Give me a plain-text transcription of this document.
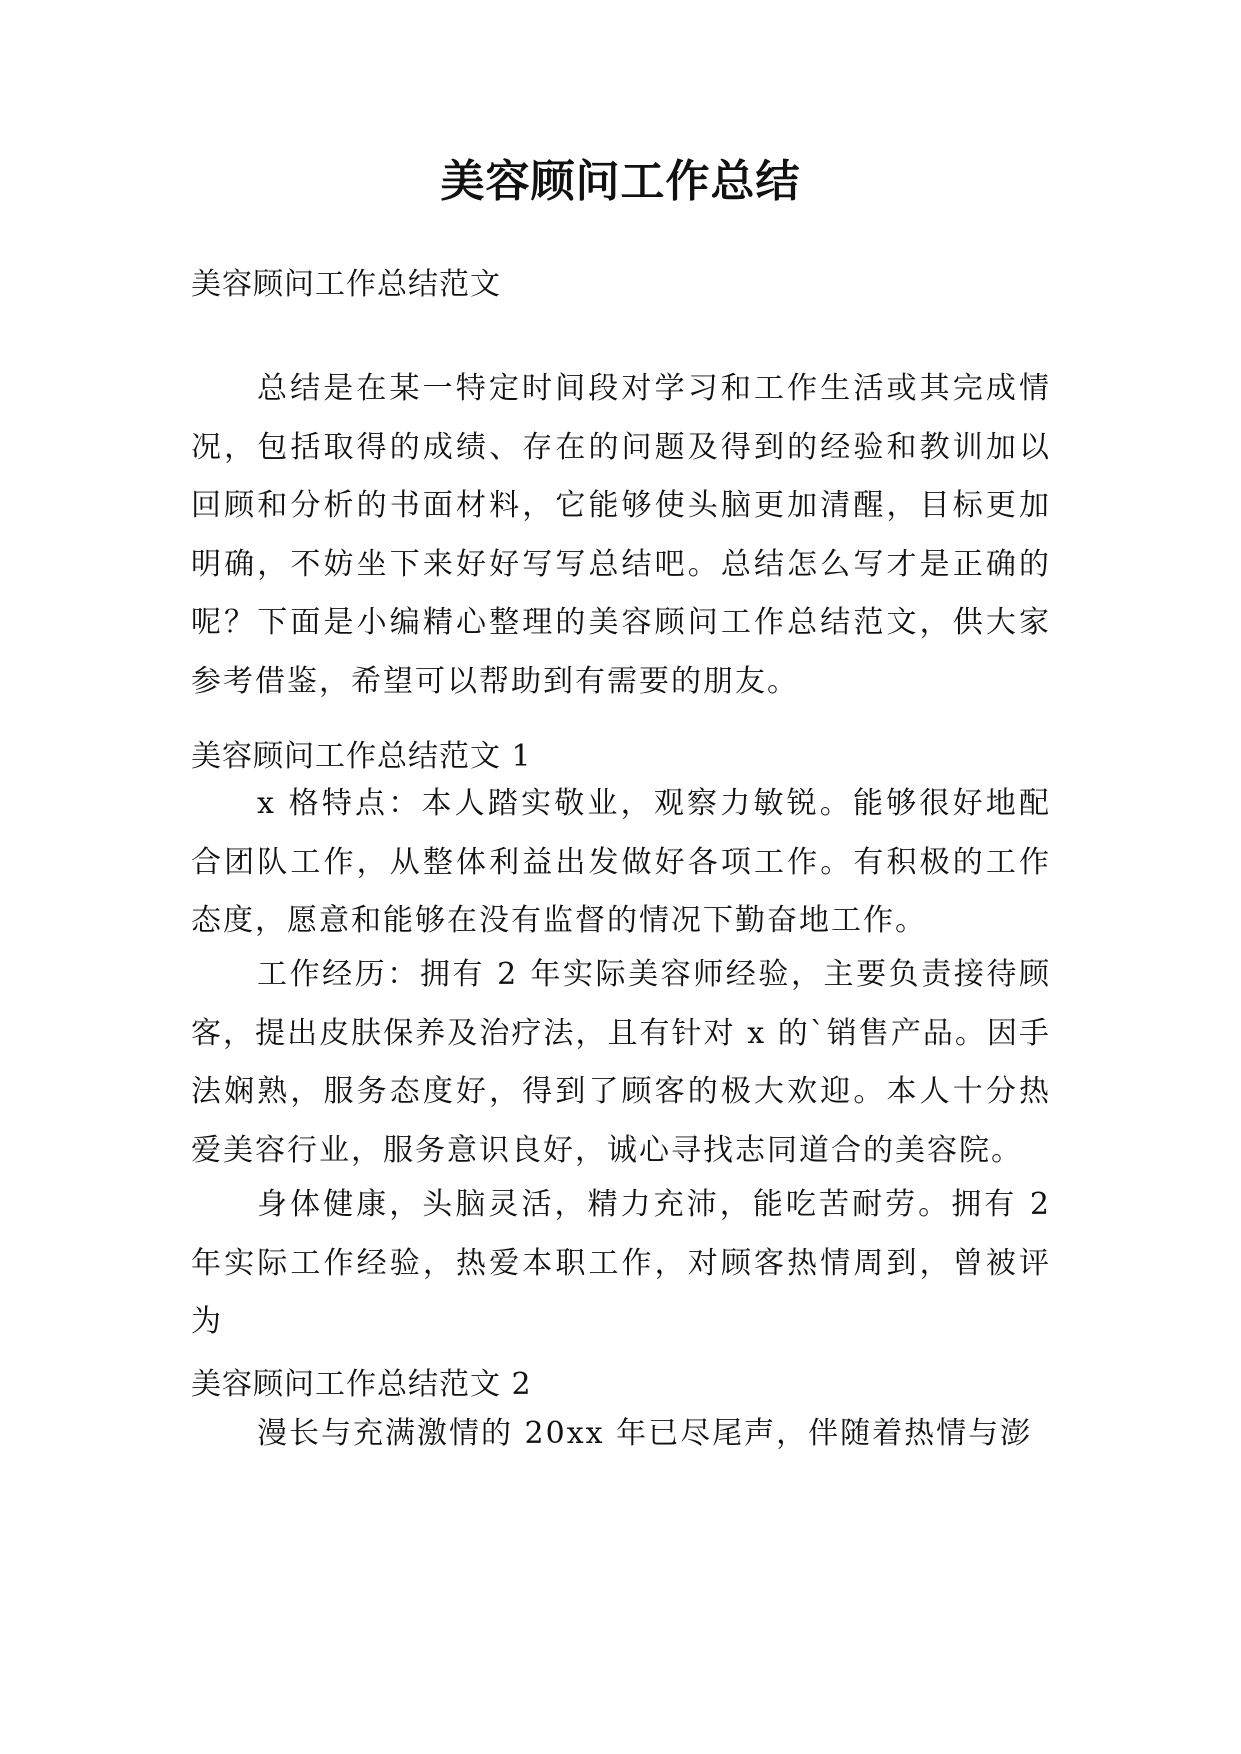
美容顾问工作总结

美容顾问工作总结范文

总结是在某一特定时间段对学习和工作生活或其完成情况，包括取得的成绩、存在的问题及得到的经验和教训加以回顾和分析的书面材料，它能够使头脑更加清醒，目标更加明确，不妨坐下来好好写写总结吧。总结怎么写才是正确的呢？下面是小编精心整理的美容顾问工作总结范文，供大家参考借鉴，希望可以帮助到有需要的朋友。

美容顾问工作总结范文 1

x 格特点：本人踏实敬业，观察力敏锐。能够很好地配合团队工作，从整体利益出发做好各项工作。有积极的工作态度，愿意和能够在没有监督的情况下勤奋地工作。

工作经历：拥有 2 年实际美容师经验，主要负责接待顾客，提出皮肤保养及治疗法，且有针对 x 的`销售产品。因手法娴熟，服务态度好，得到了顾客的极大欢迎。本人十分热爱美容行业，服务意识良好，诚心寻找志同道合的美容院。

身体健康，头脑灵活，精力充沛，能吃苦耐劳。拥有 2 年实际工作经验，热爱本职工作，对顾客热情周到，曾被评为

美容顾问工作总结范文 2

漫长与充满激情的 20xx 年已尽尾声，伴随着热情与澎
